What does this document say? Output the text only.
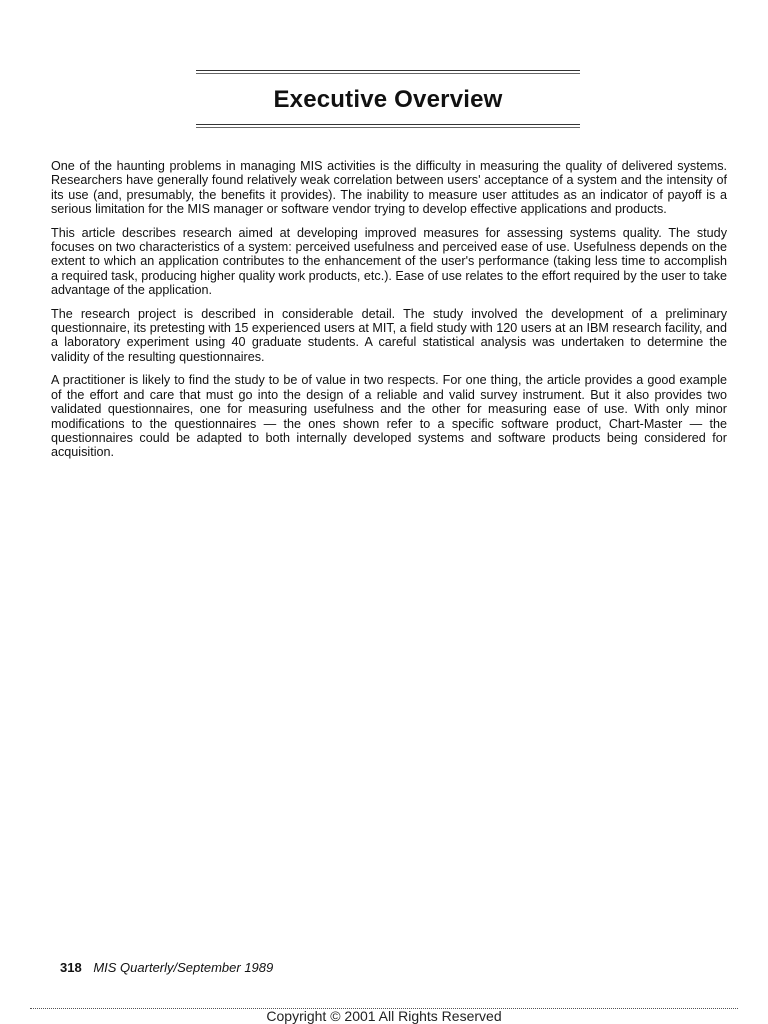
Executive Overview

One of the haunting problems in managing MIS activities is the difficulty in measuring the quality of delivered systems. Researchers have generally found relatively weak correlation between users' acceptance of a system and the intensity of its use (and, presumably, the benefits it provides). The inability to measure user attitudes as an indicator of payoff is a serious limitation for the MIS manager or software vendor trying to develop effective applications and products.

This article describes research aimed at developing improved measures for assessing systems quality. The study focuses on two characteristics of a system: perceived usefulness and perceived ease of use. Usefulness depends on the extent to which an application contributes to the enhancement of the user's performance (taking less time to accomplish a required task, producing higher quality work products, etc.). Ease of use relates to the effort required by the user to take advantage of the application.

The research project is described in considerable detail. The study involved the development of a preliminary questionnaire, its pretesting with 15 experienced users at MIT, a field study with 120 users at an IBM research facility, and a laboratory experiment using 40 graduate students. A careful statistical analysis was undertaken to determine the validity of the resulting questionnaires.

A practitioner is likely to find the study to be of value in two respects. For one thing, the article provides a good example of the effort and care that must go into the design of a reliable and valid survey instrument. But it also provides two validated questionnaires, one for measuring usefulness and the other for measuring ease of use. With only minor modifications to the questionnaires — the ones shown refer to a specific software product, Chart-Master — the questionnaires could be adapted to both internally developed systems and software products being considered for acquisition.

318 MIS Quarterly/September 1989
Copyright © 2001 All Rights Reserved
